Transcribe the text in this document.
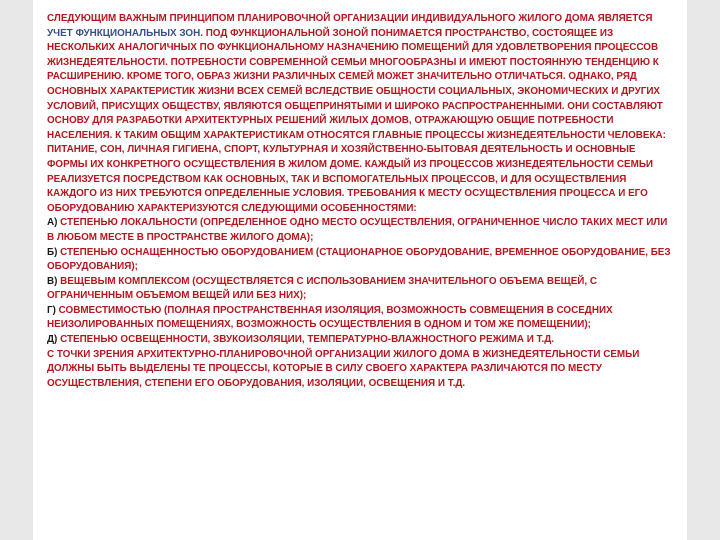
СЛЕДУЮЩИМ ВАЖНЫМ ПРИНЦИПОМ ПЛАНИРОВОЧНОЙ ОРГАНИЗАЦИИ ИНДИВИДУАЛЬНОГО ЖИЛОГО ДОМА ЯВЛЯЕТСЯ УЧЕТ ФУНКЦИОНАЛЬНЫХ ЗОН. ПОД ФУНКЦИОНАЛЬНОЙ ЗОНОЙ ПОНИМАЕТСЯ ПРОСТРАНСТВО, СОСТОЯЩЕЕ ИЗ НЕСКОЛЬКИХ АНАЛОГИЧНЫХ ПО ФУНКЦИОНАЛЬНОМУ НАЗНАЧЕНИЮ ПОМЕЩЕНИЙ ДЛЯ УДОВЛЕТВОРЕНИЯ ПРОЦЕССОВ ЖИЗНЕДЕЯТЕЛЬНОСТИ. ПОТРЕБНОСТИ СОВРЕМЕННОЙ СЕМЬИ МНОГООБРАЗНЫ И ИМЕЮТ ПОСТОЯННУЮ ТЕНДЕНЦИЮ К РАСШИРЕНИЮ. КРОМЕ ТОГО, ОБРАЗ ЖИЗНИ РАЗЛИЧНЫХ СЕМЕЙ МОЖЕТ ЗНАЧИТЕЛЬНО ОТЛИЧАТЬСЯ. ОДНАКО, РЯД ОСНОВНЫХ ХАРАКТЕРИСТИК ЖИЗНИ ВСЕХ СЕМЕЙ ВСЛЕДСТВИЕ ОБЩНОСТИ СОЦИАЛЬНЫХ, ЭКОНОМИЧЕСКИХ И ДРУГИХ УСЛОВИЙ, ПРИСУЩИХ ОБЩЕСТВУ, ЯВЛЯЮТСЯ ОБЩЕПРИНЯТЫМИ И ШИРОКО РАСПРОСТРАНЕННЫМИ. ОНИ СОСТАВЛЯЮТ ОСНОВУ ДЛЯ РАЗРАБОТКИ АРХИТЕКТУРНЫХ РЕШЕНИЙ ЖИЛЫХ ДОМОВ, ОТРАЖАЮЩУЮ ОБЩИЕ ПОТРЕБНОСТИ НАСЕЛЕНИЯ. К ТАКИМ ОБЩИМ ХАРАКТЕРИСТИКАМ ОТНОСЯТСЯ ГЛАВНЫЕ ПРОЦЕССЫ ЖИЗНЕДЕЯТЕЛЬНОСТИ ЧЕЛОВЕКА: ПИТАНИЕ, СОН, ЛИЧНАЯ ГИГИЕНА, СПОРТ, КУЛЬТУРНАЯ И ХОЗЯЙСТВЕННО-БЫТОВАЯ ДЕЯТЕЛЬНОСТЬ И ОСНОВНЫЕ ФОРМЫ ИХ КОНКРЕТНОГО ОСУЩЕСТВЛЕНИЯ В ЖИЛОМ ДОМЕ. КАЖДЫЙ ИЗ ПРОЦЕССОВ ЖИЗНЕДЕЯТЕЛЬНОСТИ СЕМЬИ РЕАЛИЗУЕТСЯ ПОСРЕДСТВОМ КАК ОСНОВНЫХ, ТАК И ВСПОМОГАТЕЛЬНЫХ ПРОЦЕССОВ, И ДЛЯ ОСУЩЕСТВЛЕНИЯ КАЖДОГО ИЗ НИХ ТРЕБУЮТСЯ ОПРЕДЕЛЕННЫЕ УСЛОВИЯ. ТРЕБОВАНИЯ К МЕСТУ ОСУЩЕСТВЛЕНИЯ ПРОЦЕССА И ЕГО ОБОРУДОВАНИЮ ХАРАКТЕРИЗУЮТСЯ СЛЕДУЮЩИМИ ОСОБЕННОСТЯМИ:

А) СТЕПЕНЬЮ ЛОКАЛЬНОСТИ (ОПРЕДЕЛЕННОЕ ОДНО МЕСТО ОСУЩЕСТВЛЕНИЯ, ОГРАНИЧЕННОЕ ЧИСЛО ТАКИХ МЕСТ ИЛИ В ЛЮБОМ МЕСТЕ В ПРОСТРАНСТВЕ ЖИЛОГО ДОМА);

Б) СТЕПЕНЬЮ ОСНАЩЕННОСТЬЮ ОБОРУДОВАНИЕМ (СТАЦИОНАРНОЕ ОБОРУДОВАНИЕ, ВРЕМЕННОЕ ОБОРУДОВАНИЕ, БЕЗ ОБОРУДОВАНИЯ);

В) ВЕЩЕВЫМ КОМПЛЕКСОМ (ОСУЩЕСТВЛЯЕТСЯ С ИСПОЛЬЗОВАНИЕМ ЗНАЧИТЕЛЬНОГО ОБЪЕМА ВЕЩЕЙ, С ОГРАНИЧЕННЫМ ОБЪЕМОМ ВЕЩЕЙ ИЛИ БЕЗ НИХ);

Г) СОВМЕСТИМОСТЬЮ (ПОЛНАЯ ПРОСТРАНСТВЕННАЯ ИЗОЛЯЦИЯ, ВОЗМОЖНОСТЬ СОВМЕЩЕНИЯ В СОСЕДНИХ НЕИЗОЛИРОВАННЫХ ПОМЕЩЕНИЯХ, ВОЗМОЖНОСТЬ ОСУЩЕСТВЛЕНИЯ В ОДНОМ И ТОМ ЖЕ ПОМЕЩЕНИИ);

Д) СТЕПЕНЬЮ ОСВЕЩЕННОСТИ, ЗВУКОИЗОЛЯЦИИ, ТЕМПЕРАТУРНО-ВЛАЖНОСТНОГО РЕЖИМА И Т.Д.

С ТОЧКИ ЗРЕНИЯ АРХИТЕКТУРНО-ПЛАНИРОВОЧНОЙ ОРГАНИЗАЦИИ ЖИЛОГО ДОМА В ЖИЗНЕДЕЯТЕЛЬНОСТИ СЕМЬИ ДОЛЖНЫ БЫТЬ ВЫДЕЛЕНЫ ТЕ ПРОЦЕССЫ, КОТОРЫЕ В СИЛУ СВОЕГО ХАРАКТЕРА РАЗЛИЧАЮТСЯ ПО МЕСТУ ОСУЩЕСТВЛЕНИЯ, СТЕПЕНИ ЕГО ОБОРУДОВАНИЯ, ИЗОЛЯЦИИ, ОСВЕЩЕНИЯ И Т.Д.
